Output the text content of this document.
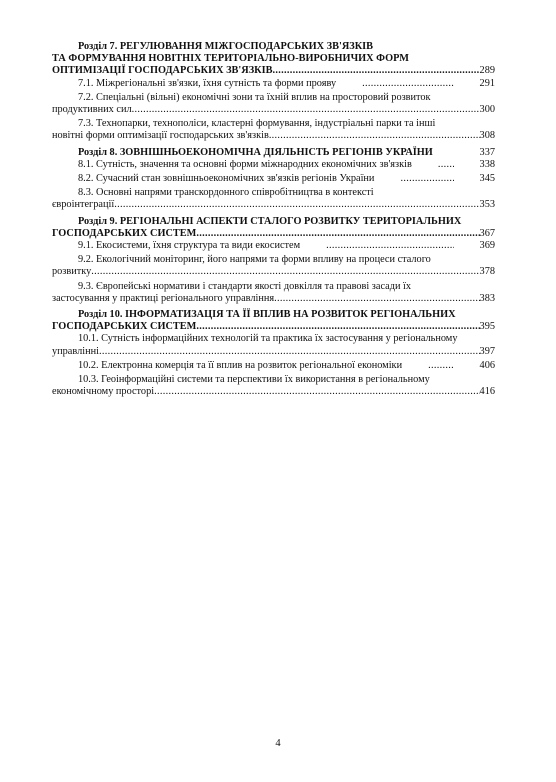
Розділ 7. РЕГУЛЮВАННЯ МІЖГОСПОДАРСЬКИХ ЗВ'ЯЗКІВ
ТА ФОРМУВАННЯ НОВІТНІХ ТЕРИТОРІАЛЬНО-ВИРОБНИЧИХ ФОРМ
ОПТИМІЗАЦІЇ ГОСПОДАРСЬКИХ ЗВ'ЯЗКІВ .....	289
7.1. Міжрегіональні зв'язки, їхня сутність та форми прояву .....	291
7.2. Спеціальні (вільні) економічні зони та їхній вплив на просторовий розвиток
продуктивних сил .....	300
7.3. Технопарки, технополіси, кластерні формування, індустріальні парки та інші
новітні форми оптимізації господарських зв'язків .....	308
Розділ 8. ЗОВНІШНЬОЕКОНОМІЧНА ДІЯЛЬНІСТЬ РЕГІОНІВ УКРАЇНИ .....	337
8.1. Сутність, значення та основні форми міжнародних економічних зв'язків .....	338
8.2. Сучасний стан зовнішньоекономічних зв'язків регіонів України .....	345
8.3. Основні напрями транскордонного співробітництва в контексті
євроінтеграції .....	353
Розділ 9. РЕГІОНАЛЬНІ АСПЕКТИ СТАЛОГО РОЗВИТКУ ТЕРИТОРІАЛЬНИХ
ГОСПОДАРСЬКИХ СИСТЕМ .....	367
9.1. Екосистеми, їхня структура та види екосистем .....	369
9.2. Екологічний моніторинг, його напрями та форми впливу на процеси сталого
розвитку .....	378
9.3. Європейські нормативи і стандарти якості довкілля та правові засади їх
застосування у практиці регіонального управління .....	383
Розділ 10. ІНФОРМАТИЗАЦІЯ ТА ЇЇ ВПЛИВ НА РОЗВИТОК РЕГІОНАЛЬНИХ
ГОСПОДАРСЬКИХ СИСТЕМ .....	395
10.1. Сутність інформаційних технологій та практика їх застосування у регіональному
управлінні .....	397
10.2. Електронна комерція та її вплив на розвиток регіональної економіки .....	406
10.3. Геоінформаційні системи та перспективи їх використання в регіональному
економічному просторі .....	416
4
